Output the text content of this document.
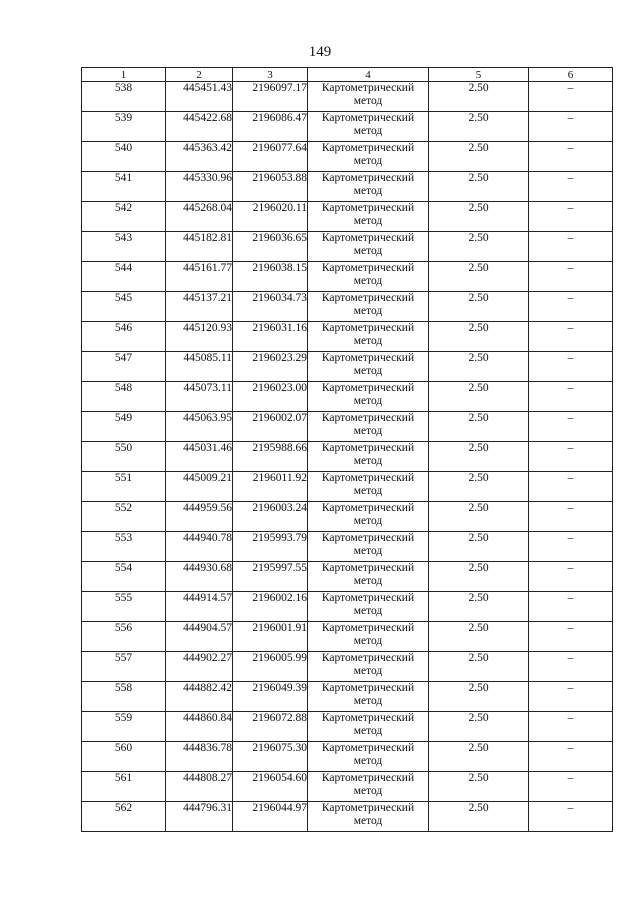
149
1	2	3	4	5	6
538	445451.43	2196097.17	Картометрический метод	2.50	–
539	445422.68	2196086.47	Картометрический метод	2.50	–
540	445363.42	2196077.64	Картометрический метод	2.50	–
541	445330.96	2196053.88	Картометрический метод	2.50	–
542	445268.04	2196020.11	Картометрический метод	2.50	–
543	445182.81	2196036.65	Картометрический метод	2.50	–
544	445161.77	2196038.15	Картометрический метод	2.50	–
545	445137.21	2196034.73	Картометрический метод	2.50	–
546	445120.93	2196031.16	Картометрический метод	2.50	–
547	445085.11	2196023.29	Картометрический метод	2.50	–
548	445073.11	2196023.00	Картометрический метод	2.50	–
549	445063.95	2196002.07	Картометрический метод	2.50	–
550	445031.46	2195988.66	Картометрический метод	2.50	–
551	445009.21	2196011.92	Картометрический метод	2.50	–
552	444959.56	2196003.24	Картометрический метод	2.50	–
553	444940.78	2195993.79	Картометрический метод	2.50	–
554	444930.68	2195997.55	Картометрический метод	2.50	–
555	444914.57	2196002.16	Картометрический метод	2.50	–
556	444904.57	2196001.91	Картометрический метод	2.50	–
557	444902.27	2196005.99	Картометрический метод	2.50	–
558	444882.42	2196049.39	Картометрический метод	2.50	–
559	444860.84	2196072.88	Картометрический метод	2.50	–
560	444836.78	2196075.30	Картометрический метод	2.50	–
561	444808.27	2196054.60	Картометрический метод	2.50	–
562	444796.31	2196044.97	Картометрический метод	2.50	–
